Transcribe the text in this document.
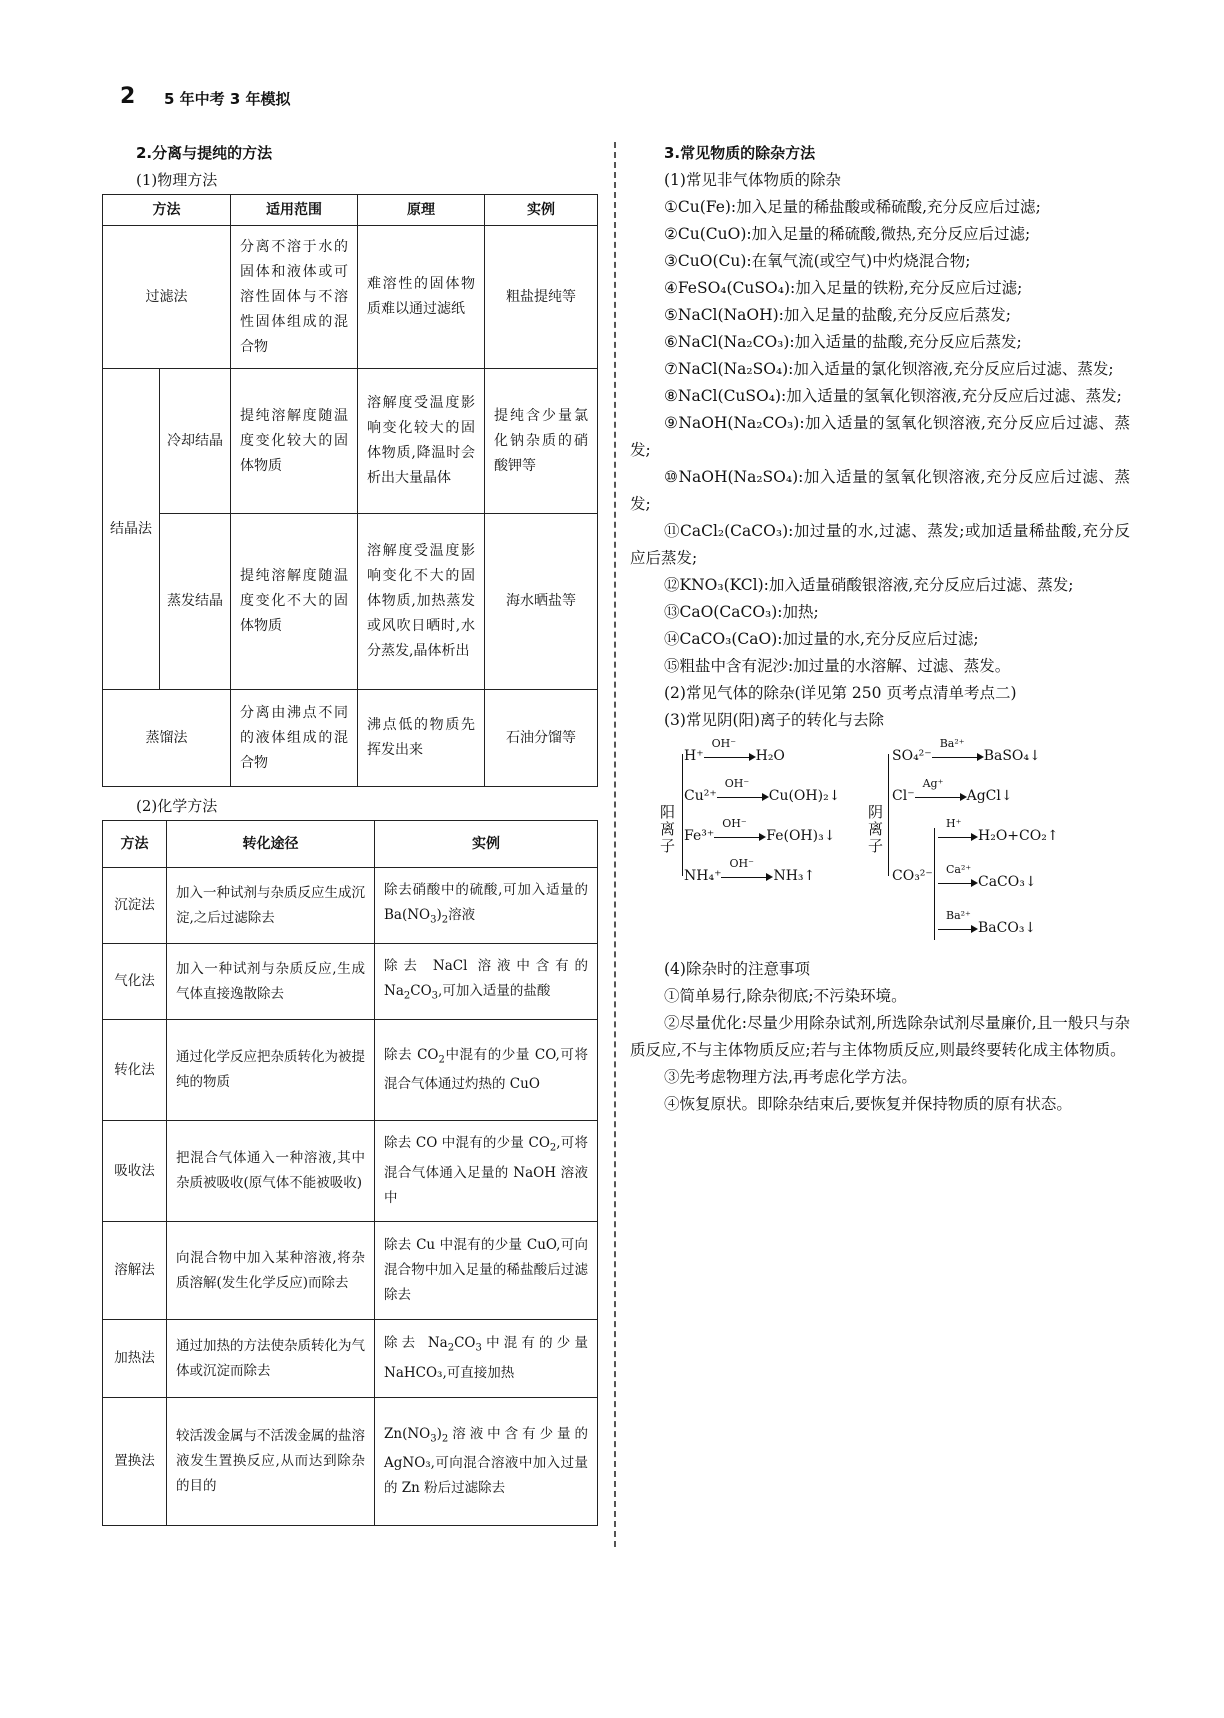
2 5 年中考 3 年模拟
2.分离与提纯的方法
(1)物理方法
方法		适用范围	原理	实例
过滤法		分离不溶于水的固体和液体或可溶性固体与不溶性固体组成的混合物	难溶性的固体物质难以通过滤纸	粗盐提纯等
结晶法	冷却结晶	提纯溶解度随温度变化较大的固体物质	溶解度受温度影响变化较大的固体物质,降温时会析出大量晶体	提纯含少量氯化钠杂质的硝酸钾等
	蒸发结晶	提纯溶解度随温度变化不大的固体物质	溶解度受温度影响变化不大的固体物质,加热蒸发或风吹日晒时,水分蒸发,晶体析出	海水晒盐等
蒸馏法		分离由沸点不同的液体组成的混合物	沸点低的物质先挥发出来	石油分馏等
(2)化学方法
方法	转化途径	实例
沉淀法	加入一种试剂与杂质反应生成沉淀,之后过滤除去	除去硝酸中的硫酸,可加入适量的 $Ba(NO_3)_2$溶液
气化法	加入一种试剂与杂质反应,生成气体直接逸散除去	除去 NaCl 溶液中含有的 $Na_2CO_3$,可加入适量的盐酸
转化法	通过化学反应把杂质转化为被提纯的物质	除去 $CO_2$中混有的少量 CO,可将混合气体通过灼热的 CuO
吸收法	把混合气体通入一种溶液,其中杂质被吸收(原气体不能被吸收)	除去 CO 中混有的少量 $CO_2$,可将混合气体通入足量的 NaOH 溶液中
溶解法	向混合物中加入某种溶液,将杂质溶解(发生化学反应)而除去	除去 Cu 中混有的少量 CuO,可向混合物中加入足量的稀盐酸后过滤除去
加热法	通过加热的方法使杂质转化为气体或沉淀而除去	除去 $Na_2CO_3$中混有的少量 NaHCO₃,可直接加热
置换法	较活泼金属与不活泼金属的盐溶液发生置换反应,从而达到除杂的目的	$Zn(NO_3)_2$溶液中含有少量的 AgNO₃,可向混合溶液中加入过量的 Zn 粉后过滤除去
3.常见物质的除杂方法
(1)常见非气体物质的除杂
①Cu(Fe):加入足量的稀盐酸或稀硫酸,充分反应后过滤;
②Cu(CuO):加入足量的稀硫酸,微热,充分反应后过滤;
③CuO(Cu):在氧气流(或空气)中灼烧混合物;
④FeSO₄(CuSO₄):加入足量的铁粉,充分反应后过滤;
⑤NaCl(NaOH):加入足量的盐酸,充分反应后蒸发;
⑥NaCl(Na₂CO₃):加入适量的盐酸,充分反应后蒸发;
⑦NaCl(Na₂SO₄):加入适量的氯化钡溶液,充分反应后过滤、蒸发;
⑧NaCl(CuSO₄):加入适量的氢氧化钡溶液,充分反应后过滤、蒸发;
⑨NaOH(Na₂CO₃):加入适量的氢氧化钡溶液,充分反应后过滤、蒸发;
⑩NaOH(Na₂SO₄):加入适量的氢氧化钡溶液,充分反应后过滤、蒸发;
⑪CaCl₂(CaCO₃):加过量的水,过滤、蒸发;或加适量稀盐酸,充分反应后蒸发;
⑫KNO₃(KCl):加入适量硝酸银溶液,充分反应后过滤、蒸发;
⑬CaO(CaCO₃):加热;
⑭CaCO₃(CaO):加过量的水,充分反应后过滤;
⑮粗盐中含有泥沙:加过量的水溶解、过滤、蒸发。
(2)常见气体的除杂(详见第 250 页考点清单考点二)
(3)常见阴(阳)离子的转化与去除
阳离子
H⁺
OH⁻
H₂O
Cu²⁺
OH⁻
Cu(OH)₂↓
Fe³⁺
OH⁻
Fe(OH)₃↓
NH₄⁺
OH⁻
NH₃↑
阴离子
SO₄²⁻
Ba²⁺
BaSO₄↓
Cl⁻
Ag⁺
AgCl↓
CO₃²⁻
H⁺
H₂O+CO₂↑
Ca²⁺
CaCO₃↓
Ba²⁺
BaCO₃↓
(4)除杂时的注意事项
①简单易行,除杂彻底;不污染环境。
②尽量优化:尽量少用除杂试剂,所选除杂试剂尽量廉价,且一般只与杂质反应,不与主体物质反应;若与主体物质反应,则最终要转化成主体物质。
③先考虑物理方法,再考虑化学方法。
④恢复原状。即除杂结束后,要恢复并保持物质的原有状态。
